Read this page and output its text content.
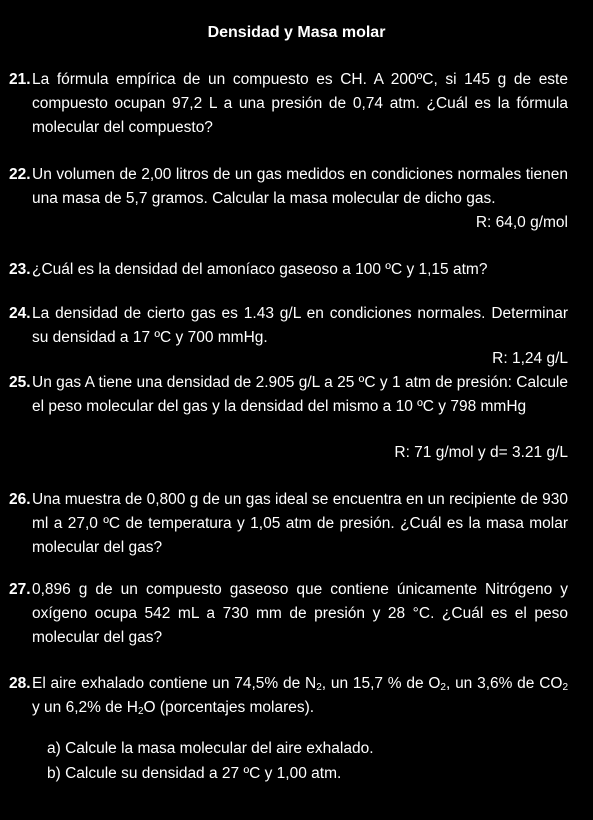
Densidad y Masa molar
21. La fórmula empírica de un compuesto es CH. A 200ºC, si 145 g de este compuesto ocupan 97,2 L a una presión de 0,74 atm. ¿Cuál es la fórmula molecular del compuesto?
22. Un volumen de 2,00 litros de un gas medidos en condiciones normales tienen una masa de 5,7 gramos. Calcular la masa molecular de dicho gas.
R: 64,0 g/mol
23. ¿Cuál es la densidad del amoníaco gaseoso a 100 ºC y 1,15 atm?
24. La densidad de cierto gas es 1.43 g/L en condiciones normales. Determinar su densidad a 17 ºC y 700 mmHg.
R: 1,24 g/L
25. Un gas A tiene una densidad de 2.905 g/L a 25 ºC y 1 atm de presión: Calcule el peso molecular del gas y la densidad del mismo a 10 ºC y 798 mmHg
R: 71 g/mol y d= 3.21 g/L
26. Una muestra de 0,800 g de un gas ideal se encuentra en un recipiente de 930 ml a 27,0 ºC de temperatura y 1,05 atm de presión. ¿Cuál es la masa molar molecular del gas?
27. 0,896 g de un compuesto gaseoso que contiene únicamente Nitrógeno y oxígeno ocupa 542 mL a 730 mm de presión y 28 °C. ¿Cuál es el peso molecular del gas?
28. El aire exhalado contiene un 74,5% de $N_2$, un 15,7 % de $O_2$, un 3,6% de $CO_2$ y un 6,2% de $H_2O$ (porcentajes molares).
a) Calcule la masa molecular del aire exhalado.
b) Calcule su densidad a 27 ºC y 1,00 atm.
